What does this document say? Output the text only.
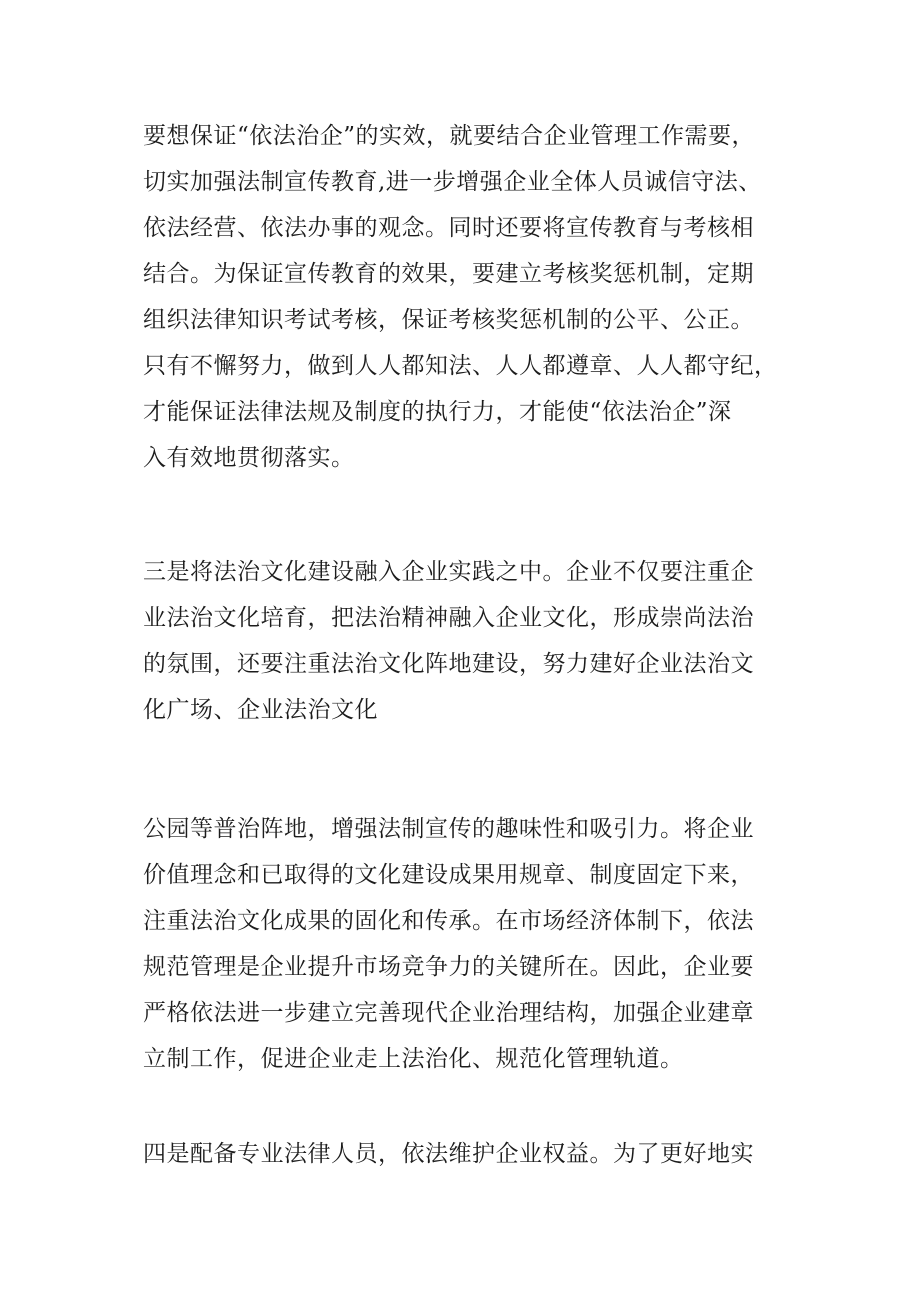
要想保证“依法治企”的实效，就要结合企业管理工作需要，
切实加强法制宣传教育,进一步增强企业全体人员诚信守法、
依法经营、依法办事的观念。同时还要将宣传教育与考核相
结合。为保证宣传教育的效果，要建立考核奖惩机制，定期
组织法律知识考试考核，保证考核奖惩机制的公平、公正。
只有不懈努力，做到人人都知法、人人都遵章、人人都守纪，
才能保证法律法规及制度的执行力，才能使“依法治企”深
入有效地贯彻落实。
三是将法治文化建设融入企业实践之中。企业不仅要注重企
业法治文化培育，把法治精神融入企业文化，形成崇尚法治
的氛围，还要注重法治文化阵地建设，努力建好企业法治文
化广场、企业法治文化
公园等普治阵地，增强法制宣传的趣味性和吸引力。将企业
价值理念和已取得的文化建设成果用规章、制度固定下来，
注重法治文化成果的固化和传承。在市场经济体制下，依法
规范管理是企业提升市场竞争力的关键所在。因此，企业要
严格依法进一步建立完善现代企业治理结构，加强企业建章
立制工作，促进企业走上法治化、规范化管理轨道。
四是配备专业法律人员，依法维护企业权益。为了更好地实
